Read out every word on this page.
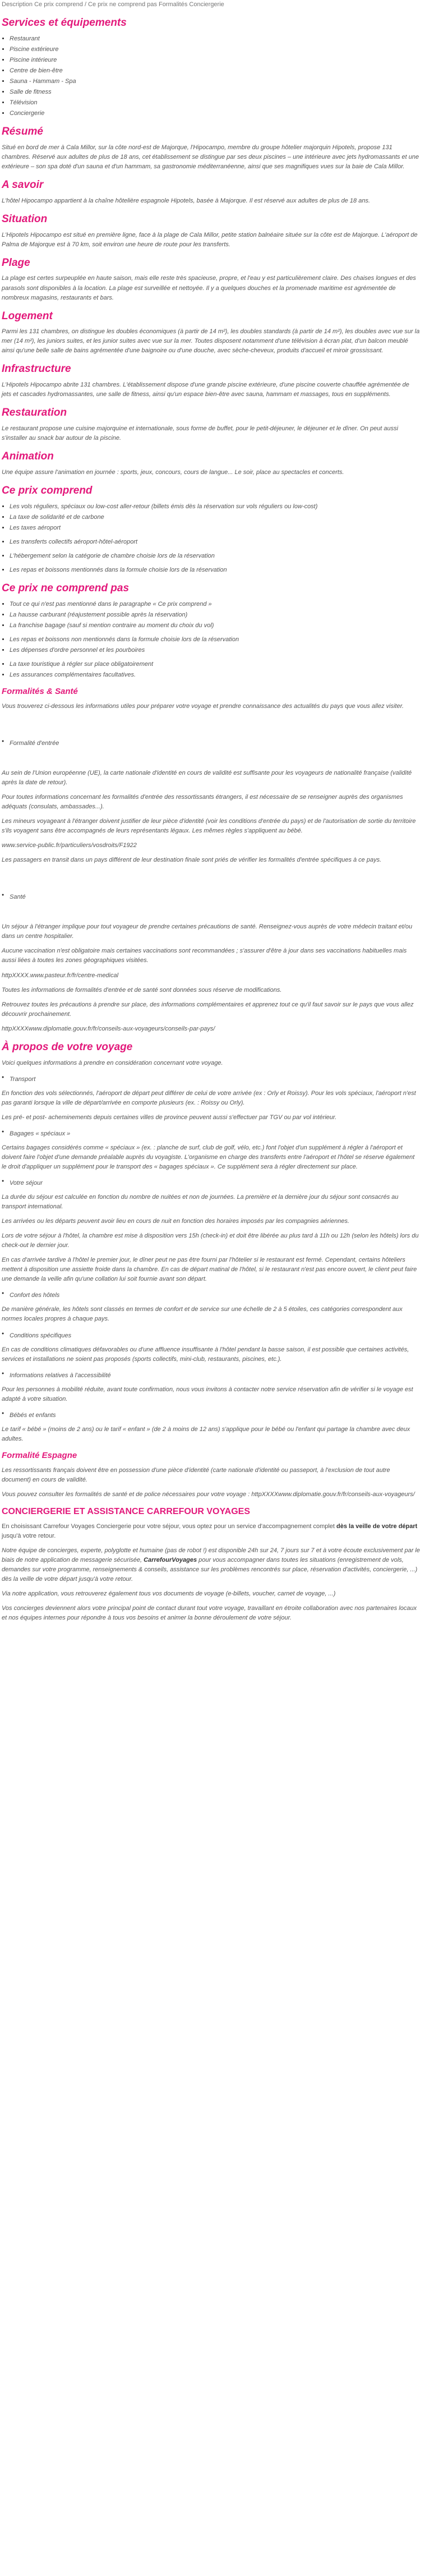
Description Ce prix comprend / Ce prix ne comprend pas Formalités Conciergerie
Services et équipements
• Restaurant
• Piscine extérieure
• Piscine intérieure
• Centre de bien-être
• Sauna - Hammam - Spa
• Salle de fitness
• Télévision
• Conciergerie
Résumé

Situé en bord de mer à Cala Millor, sur la côte nord-est de Majorque, l'Hipocampo, membre du groupe hôtelier majorquin Hipotels, propose 131 chambres. Réservé aux adultes de plus de 18 ans, cet établissement se distingue par ses deux piscines – une intérieure avec jets hydromassants et une extérieure – son spa doté d'un sauna et d'un hammam, sa gastronomie méditerranéenne, ainsi que ses magnifiques vues sur la baie de Cala Millor.

A savoir

L'hôtel Hipocampo appartient à la chaîne hôtelière espagnole Hipotels, basée à Majorque. Il est réservé aux adultes de plus de 18 ans.

Situation

L'Hipotels Hipocampo est situé en première ligne, face à la plage de Cala Millor, petite station balnéaire située sur la côte est de Majorque. L'aéroport de Palma de Majorque est à 70 km, soit environ une heure de route pour les transferts.

Plage

La plage est certes surpeuplée en haute saison, mais elle reste très spacieuse, propre, et l'eau y est particulièrement claire. Des chaises longues et des parasols sont disponibles à la location. La plage est surveillée et nettoyée. Il y a quelques douches et la promenade maritime est agrémentée de nombreux magasins, restaurants et bars.

Logement

Parmi les 131 chambres, on distingue les doubles économiques (à partir de 14 m²), les doubles standards (à partir de 14 m²), les doubles avec vue sur la mer (14 m²), les juniors suites, et les junior suites avec vue sur la mer. Toutes disposent notamment d'une télévision à écran plat, d'un balcon meublé ainsi qu'une belle salle de bains agrémentée d'une baignoire ou d'une douche, avec sèche-cheveux, produits d'accueil et miroir grossissant.

Infrastructure

L'Hipotels Hipocampo abrite 131 chambres. L'établissement dispose d'une grande piscine extérieure, d'une piscine couverte chauffée agrémentée de jets et cascades hydromassantes, une salle de fitness, ainsi qu'un espace bien-être avec sauna, hammam et massages, tous en suppléments.

Restauration

Le restaurant propose une cuisine majorquine et internationale, sous forme de buffet, pour le petit-déjeuner, le déjeuner et le dîner. On peut aussi s'installer au snack bar autour de la piscine.

Animation

Une équipe assure l'animation en journée : sports, jeux, concours, cours de langue... Le soir, place au spectacles et concerts.

Ce prix comprend
• Les vols réguliers, spéciaux ou low-cost aller-retour (billets émis dès la réservation sur vols réguliers ou low-cost)
• La taxe de solidarité et de carbone
• Les taxes aéroport
• Les transferts collectifs aéroport-hôtel-aéroport
• L'hébergement selon la catégorie de chambre choisie lors de la réservation
• Les repas et boissons mentionnés dans la formule choisie lors de la réservation
Ce prix ne comprend pas
• Tout ce qui n'est pas mentionné dans le paragraphe « Ce prix comprend »
• La hausse carburant (réajustement possible après la réservation)
• La franchise bagage (sauf si mention contraire au moment du choix du vol)
• Les repas et boissons non mentionnés dans la formule choisie lors de la réservation
• Les dépenses d'ordre personnel et les pourboires
• La taxe touristique à régler sur place obligatoirement
• Les assurances complémentaires facultatives.
Formalités & Santé

Vous trouverez ci-dessous les informations utiles pour préparer votre voyage et prendre connaissance des actualités du pays que vous allez visiter.

● Formalité d'entrée

Au sein de l'Union européenne (UE), la carte nationale d'identité en cours de validité est suffisante pour les voyageurs de nationalité française (validité après la date de retour).

Pour toutes informations concernant les formalités d'entrée des ressortissants étrangers, il est nécessaire de se renseigner auprès des organismes adéquats (consulats, ambassades...).

Les mineurs voyageant à l'étranger doivent justifier de leur pièce d'identité (voir les conditions d'entrée du pays) et de l'autorisation de sortie du territoire s'ils voyagent sans être accompagnés de leurs représentants légaux. Les mêmes règles s'appliquent au bébé.

www.service-public.fr/particuliers/vosdroits/F1922

Les passagers en transit dans un pays différent de leur destination finale sont priés de vérifier les formalités d'entrée spécifiques à ce pays.

● Santé

Un séjour à l'étranger implique pour tout voyageur de prendre certaines précautions de santé. Renseignez-vous auprès de votre médecin traitant et/ou dans un centre hospitalier.

Aucune vaccination n'est obligatoire mais certaines vaccinations sont recommandées ; s'assurer d'être à jour dans ses vaccinations habituelles mais aussi liées à toutes les zones géographiques visitées.

httpXXXX.www.pasteur.fr/fr/centre-medical

Toutes les informations de formalités d'entrée et de santé sont données sous réserve de modifications.

Retrouvez toutes les précautions à prendre sur place, des informations complémentaires et apprenez tout ce qu'il faut savoir sur le pays que vous allez découvrir prochainement.

httpXXXXwww.diplomatie.gouv.fr/fr/conseils-aux-voyageurs/conseils-par-pays/

À propos de votre voyage

Voici quelques informations à prendre en considération concernant votre voyage.

● Transport

En fonction des vols sélectionnés, l'aéroport de départ peut différer de celui de votre arrivée (ex : Orly et Roissy). Pour les vols spéciaux, l'aéroport n'est pas garanti lorsque la ville de départ/arrivée en comporte plusieurs (ex. : Roissy ou Orly).

Les pré- et post- acheminements depuis certaines villes de province peuvent aussi s'effectuer par TGV ou par vol intérieur.

● Bagages « spéciaux »

Certains bagages considérés comme « spéciaux » (ex. : planche de surf, club de golf, vélo, etc.) font l'objet d'un supplément à régler à l'aéroport et doivent faire l'objet d'une demande préalable auprès du voyagiste. L'organisme en charge des transferts entre l'aéroport et l'hôtel se réserve également le droit d'appliquer un supplément pour le transport des « bagages spéciaux ». Ce supplément sera à régler directement sur place.

● Votre séjour

La durée du séjour est calculée en fonction du nombre de nuitées et non de journées. La première et la dernière jour du séjour sont consacrés au transport international.

Les arrivées ou les départs peuvent avoir lieu en cours de nuit en fonction des horaires imposés par les compagnies aériennes.

Lors de votre séjour à l'hôtel, la chambre est mise à disposition vers 15h (check-in) et doit être libérée au plus tard à 11h ou 12h (selon les hôtels) lors du check-out le dernier jour.

En cas d'arrivée tardive à l'hôtel le premier jour, le dîner peut ne pas être fourni par l'hôtelier si le restaurant est fermé. Cependant, certains hôteliers mettent à disposition une assiette froide dans la chambre. En cas de départ matinal de l'hôtel, si le restaurant n'est pas encore ouvert, le client peut faire une demande la veille afin qu'une collation lui soit fournie avant son départ.

● Confort des hôtels

De manière générale, les hôtels sont classés en termes de confort et de service sur une échelle de 2 à 5 étoiles, ces catégories correspondent aux normes locales propres à chaque pays.

● Conditions spécifiques

En cas de conditions climatiques défavorables ou d'une affluence insuffisante à l'hôtel pendant la basse saison, il est possible que certaines activités, services et installations ne soient pas proposés (sports collectifs, mini-club, restaurants, piscines, etc.).

● Informations relatives à l'accessibilité

Pour les personnes à mobilité réduite, avant toute confirmation, nous vous invitons à contacter notre service réservation afin de vérifier si le voyage est adapté à votre situation.

● Bébés et enfants

Le tarif « bébé » (moins de 2 ans) ou le tarif « enfant » (de 2 à moins de 12 ans) s'applique pour le bébé ou l'enfant qui partage la chambre avec deux adultes.

Formalité Espagne

Les ressortissants français doivent être en possession d'une pièce d'identité (carte nationale d'identité ou passeport, à l'exclusion de tout autre document) en cours de validité.

Vous pouvez consulter les formalités de santé et de police nécessaires pour votre voyage : httpXXXXwww.diplomatie.gouv.fr/fr/conseils-aux-voyageurs/

CONCIERGERIE ET ASSISTANCE CARREFOUR VOYAGES

En choisissant Carrefour Voyages Conciergerie pour votre séjour, vous optez pour un service d'accompagnement complet dès la veille de votre départ jusqu'à votre retour.

Notre équipe de concierges, experte, polyglotte et humaine (pas de robot !) est disponible 24h sur 24, 7 jours sur 7 et à votre écoute exclusivement par le biais de notre application de messagerie sécurisée, CarrefourVoyages pour vous accompagner dans toutes les situations (enregistrement de vols, demandes sur votre programme, renseignements & conseils, assistance sur les problèmes rencontrés sur place, réservation d'activités, conciergerie, ...) dès la veille de votre départ jusqu'à votre retour.

Via notre application, vous retrouverez également tous vos documents de voyage (e-billets, voucher, carnet de voyage, ...)

Vos concierges deviennent alors votre principal point de contact durant tout votre voyage, travaillant en étroite collaboration avec nos partenaires locaux et nos équipes internes pour répondre à tous vos besoins et animer la bonne déroulement de votre séjour.
